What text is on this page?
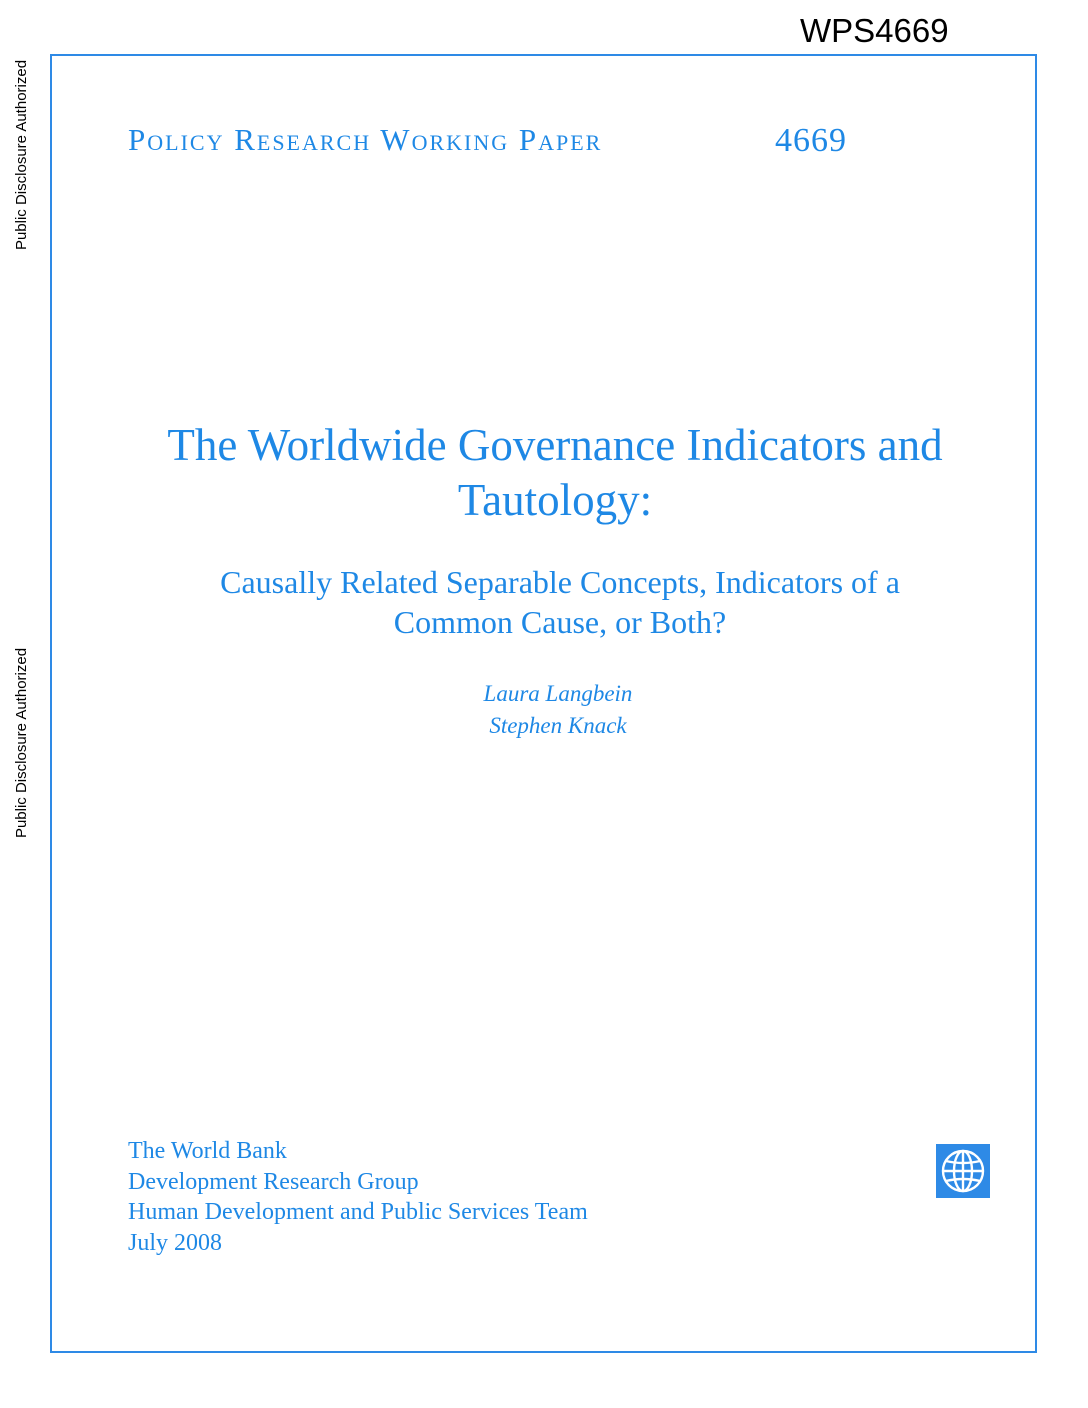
WPS4669
Public Disclosure Authorized
Public Disclosure Authorized
Policy Research Working Paper	4669
The Worldwide Governance Indicators and
Tautology:
Causally Related Separable Concepts, Indicators of a
Common Cause, or Both?
Laura Langbein
Stephen Knack
The World Bank
Development Research Group
Human Development and Public Services Team
July 2008
